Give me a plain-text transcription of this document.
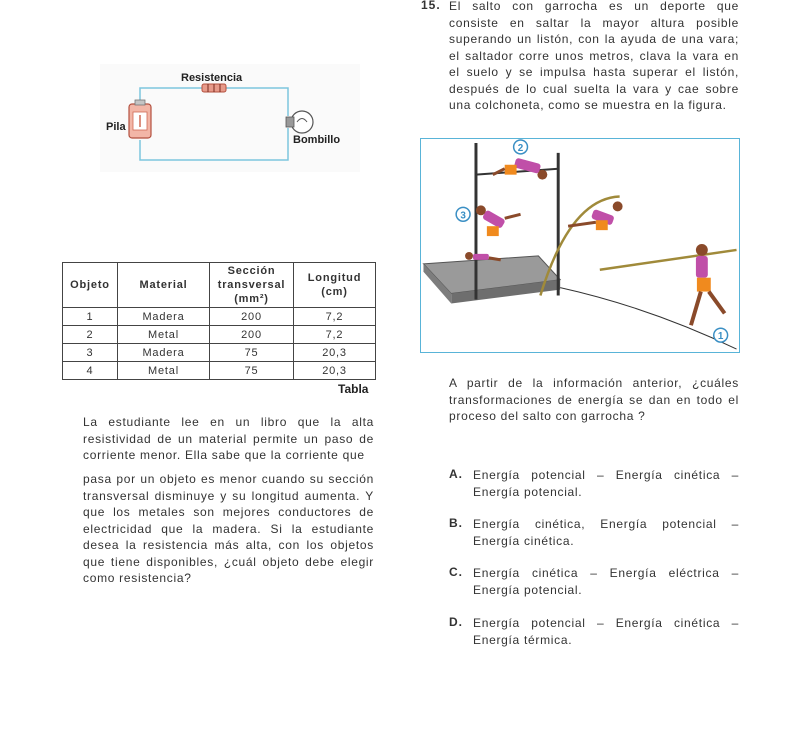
Resistencia
Pila
Bombillo
Objeto	Material	Sección transversal (mm²)	Longitud (cm)
1	Madera	200	7,2
2	Metal	200	7,2
3	Madera	75	20,3
4	Metal	75	20,3
Tabla
La estudiante lee en un libro que la alta resistividad de un material permite un paso de corriente menor. Ella sabe que la corriente que
pasa por un objeto es menor cuando su sección transversal disminuye y su longitud aumenta. Y que los metales son mejores conductores de electricidad que la madera. Si la estudiante desea la resistencia más alta, con los objetos que tiene disponibles, ¿cuál objeto debe elegir como resistencia?
15. El salto con garrocha es un deporte que consiste en saltar la mayor altura posible superando un listón, con la ayuda de una vara; el saltador corre unos metros, clava la vara en el suelo y se impulsa hasta superar el listón, después de lo cual suelta la vara y cae sobre una colchoneta, como se muestra en la figura.
1
2
3
A partir de la información anterior, ¿cuáles transformaciones de energía se dan en todo el proceso del salto con garrocha ?
A. Energía potencial – Energía cinética – Energía potencial.
B. Energía cinética, Energía potencial – Energía cinética.
C. Energía cinética – Energía eléctrica – Energía potencial.
D. Energía potencial – Energía cinética – Energía térmica.
